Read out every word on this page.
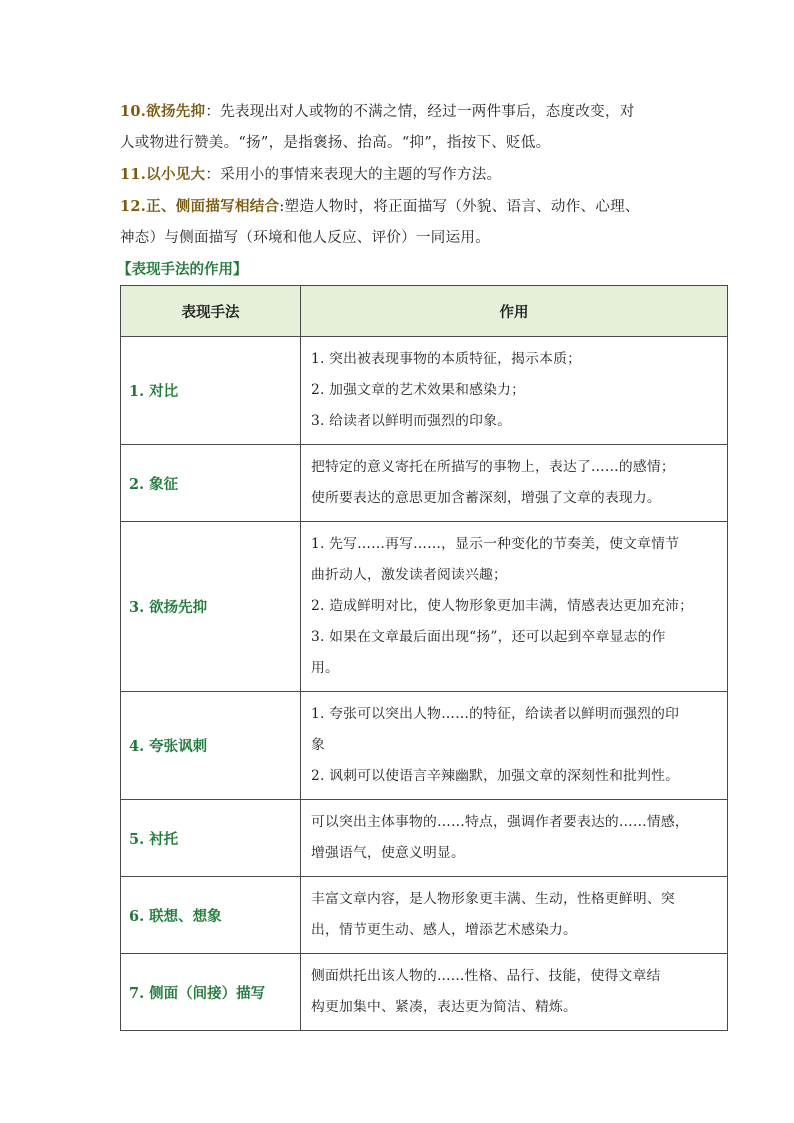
10.欲扬先抑：先表现出对人或物的不满之情，经过一两件事后，态度改变，对
人或物进行赞美。“扬”，是指褒扬、抬高。“抑”，指按下、贬低。

11.以小见大：采用小的事情来表现大的主题的写作方法。

12.正、侧面描写相结合:塑造人物时，将正面描写（外貌、语言、动作、心理、
神态）与侧面描写（环境和他人反应、评价）一同运用。

【表现手法的作用】

表现手法	作用
1. 对比	1. 突出被表现事物的本质特征，揭示本质；
2. 加强文章的艺术效果和感染力；
3. 给读者以鲜明而强烈的印象。

2. 象征	把特定的意义寄托在所描写的事物上，表达了……的感情；
使所要表达的意思更加含蓄深刻，增强了文章的表现力。

3. 欲扬先抑	1. 先写……再写……，显示一种变化的节奏美，使文章情节
曲折动人，激发读者阅读兴趣；
2. 造成鲜明对比，使人物形象更加丰满，情感表达更加充沛；
3. 如果在文章最后面出现“扬”，还可以起到卒章显志的作
用。

4. 夸张讽刺	1. 夸张可以突出人物……的特征，给读者以鲜明而强烈的印
象
2. 讽刺可以使语言辛辣幽默，加强文章的深刻性和批判性。

5. 衬托	可以突出主体事物的……特点，强调作者要表达的……情感，
增强语气，使意义明显。

6. 联想、想象	丰富文章内容，是人物形象更丰满、生动，性格更鲜明、突
出，情节更生动、感人，增添艺术感染力。

7. 侧面（间接）描写	侧面烘托出该人物的......性格、品行、技能，使得文章结
构更加集中、紧凑，表达更为简洁、精炼。
